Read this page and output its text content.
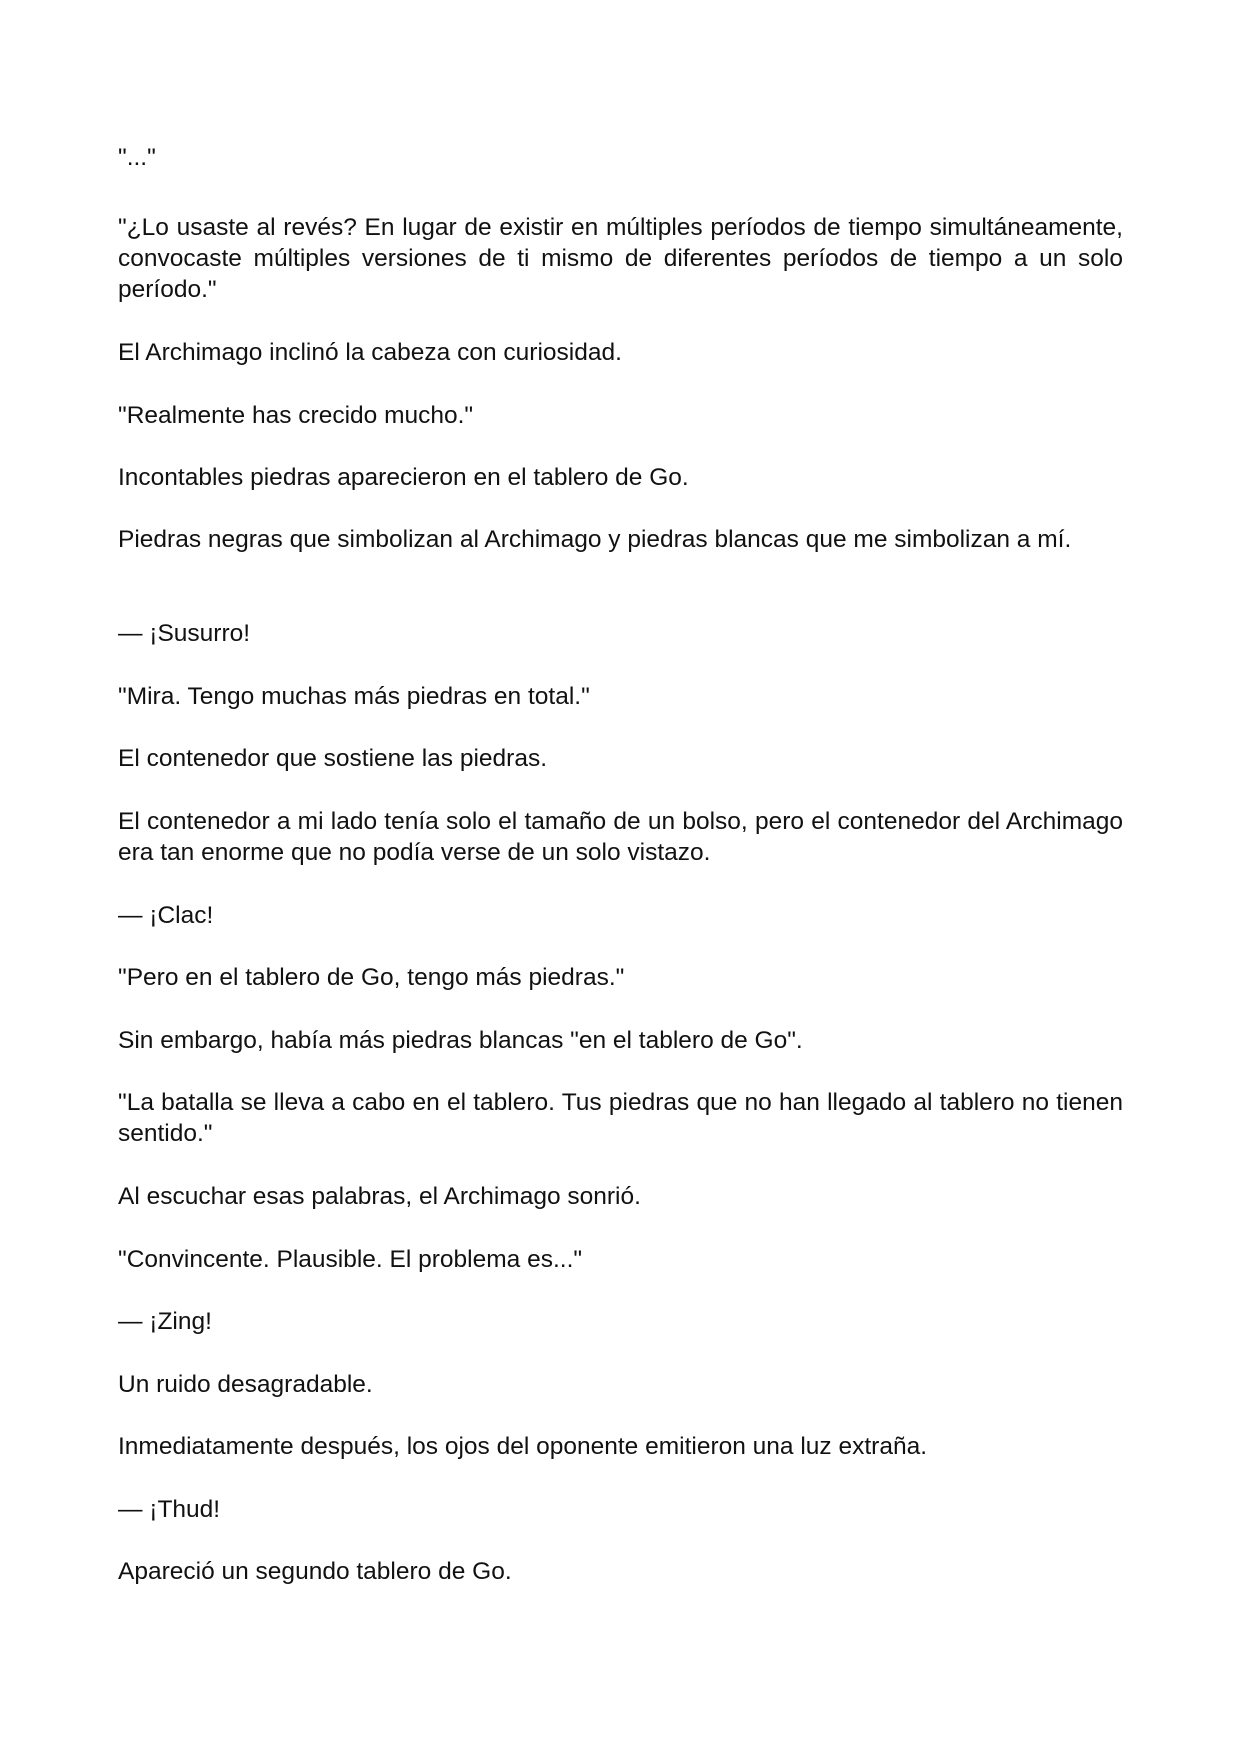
"..."

"¿Lo usaste al revés? En lugar de existir en múltiples períodos de tiempo simultáneamente, convocaste múltiples versiones de ti mismo de diferentes períodos de tiempo a un solo período."

El Archimago inclinó la cabeza con curiosidad.

"Realmente has crecido mucho."

Incontables piedras aparecieron en el tablero de Go.

Piedras negras que simbolizan al Archimago y piedras blancas que me simbolizan a mí.

— ¡Susurro!

"Mira. Tengo muchas más piedras en total."

El contenedor que sostiene las piedras.

El contenedor a mi lado tenía solo el tamaño de un bolso, pero el contenedor del Archimago era tan enorme que no podía verse de un solo vistazo.

— ¡Clac!

"Pero en el tablero de Go, tengo más piedras."

Sin embargo, había más piedras blancas "en el tablero de Go".

"La batalla se lleva a cabo en el tablero. Tus piedras que no han llegado al tablero no tienen sentido."

Al escuchar esas palabras, el Archimago sonrió.

"Convincente. Plausible. El problema es..."

— ¡Zing!

Un ruido desagradable.

Inmediatamente después, los ojos del oponente emitieron una luz extraña.

— ¡Thud!

Apareció un segundo tablero de Go.
